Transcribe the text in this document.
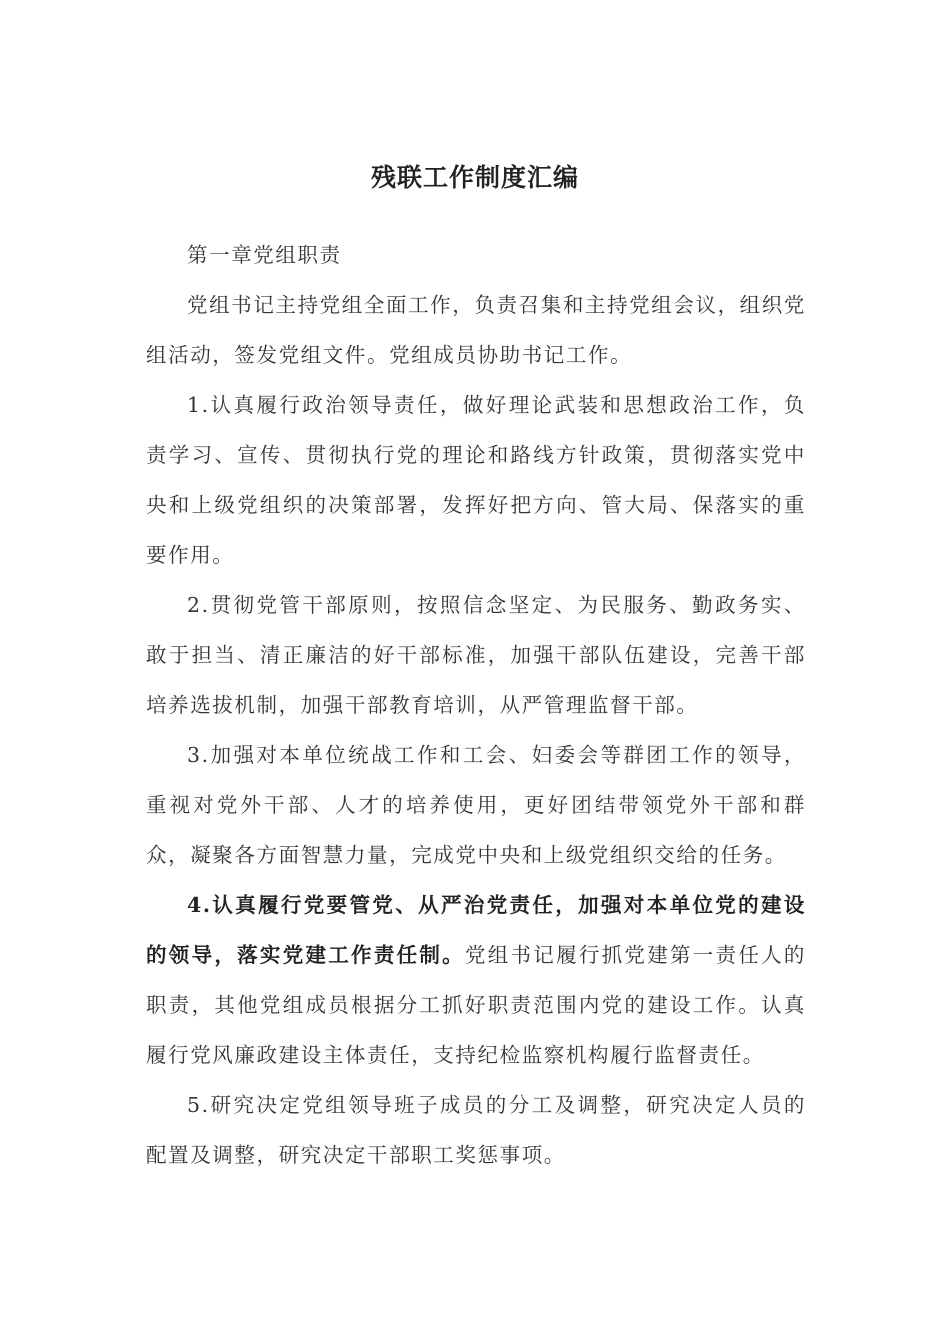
残联工作制度汇编

第一章党组职责

党组书记主持党组全面工作，负责召集和主持党组会议，组织党组活动，签发党组文件。党组成员协助书记工作。

1.认真履行政治领导责任，做好理论武装和思想政治工作，负责学习、宣传、贯彻执行党的理论和路线方针政策，贯彻落实党中央和上级党组织的决策部署，发挥好把方向、管大局、保落实的重要作用。

2.贯彻党管干部原则，按照信念坚定、为民服务、勤政务实、敢于担当、清正廉洁的好干部标准，加强干部队伍建设，完善干部培养选拔机制，加强干部教育培训，从严管理监督干部。

3.加强对本单位统战工作和工会、妇委会等群团工作的领导，重视对党外干部、人才的培养使用，更好团结带领党外干部和群众，凝聚各方面智慧力量，完成党中央和上级党组织交给的任务。

4.认真履行党要管党、从严治党责任，加强对本单位党的建设的领导，落实党建工作责任制。党组书记履行抓党建第一责任人的职责，其他党组成员根据分工抓好职责范围内党的建设工作。认真履行党风廉政建设主体责任，支持纪检监察机构履行监督责任。

5.研究决定党组领导班子成员的分工及调整，研究决定人员的配置及调整，研究决定干部职工奖惩事项。
